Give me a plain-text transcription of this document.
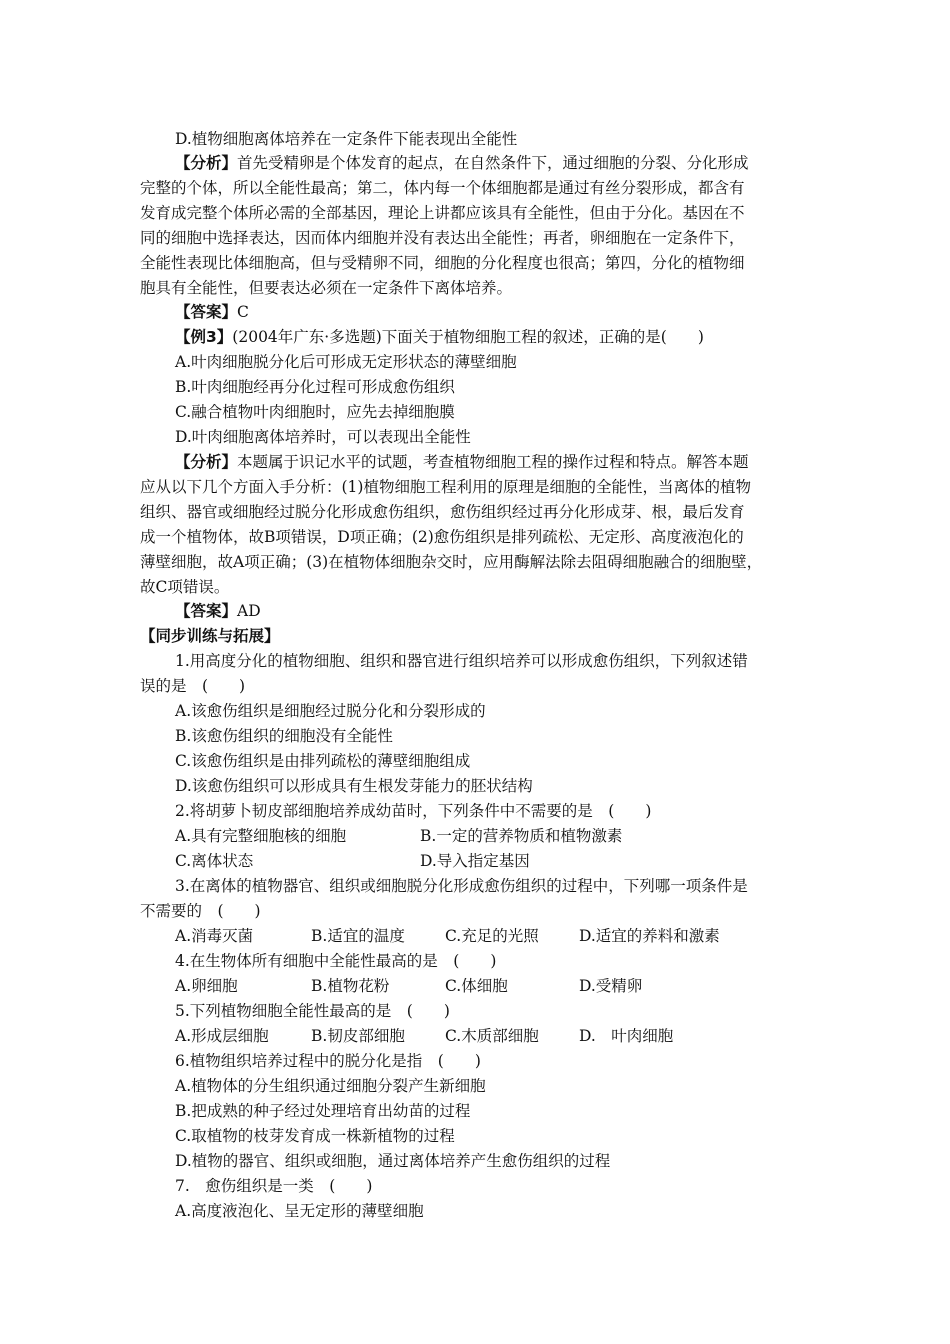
D.植物细胞离体培养在一定条件下能表现出全能性
【分析】首先受精卵是个体发育的起点，在自然条件下，通过细胞的分裂、分化形成
完整的个体，所以全能性最高；第二，体内每一个体细胞都是通过有丝分裂形成，都含有
发育成完整个体所必需的全部基因，理论上讲都应该具有全能性，但由于分化。基因在不
同的细胞中选择表达，因而体内细胞并没有表达出全能性；再者，卵细胞在一定条件下，
全能性表现比体细胞高，但与受精卵不同，细胞的分化程度也很高；第四，分化的植物细
胞具有全能性，但要表达必须在一定条件下离体培养。
【答案】C
【例3】(2004年广东·多选题)下面关于植物细胞工程的叙述，正确的是(　　)
A.叶肉细胞脱分化后可形成无定形状态的薄壁细胞
B.叶肉细胞经再分化过程可形成愈伤组织
C.融合植物叶肉细胞时，应先去掉细胞膜
D.叶肉细胞离体培养时，可以表现出全能性
【分析】本题属于识记水平的试题，考查植物细胞工程的操作过程和特点。解答本题
应从以下几个方面入手分析：(1)植物细胞工程利用的原理是细胞的全能性，当离体的植物
组织、器官或细胞经过脱分化形成愈伤组织，愈伤组织经过再分化形成芽、根，最后发育
成一个植物体，故B项错误，D项正确；(2)愈伤组织是排列疏松、无定形、高度液泡化的
薄壁细胞，故A项正确；(3)在植物体细胞杂交时，应用酶解法除去阻碍细胞融合的细胞壁，
故C项错误。
【答案】AD
【同步训练与拓展】
1.用高度分化的植物细胞、组织和器官进行组织培养可以形成愈伤组织，下列叙述错
误的是　(　　)
A.该愈伤组织是细胞经过脱分化和分裂形成的
B.该愈伤组织的细胞没有全能性
C.该愈伤组织是由排列疏松的薄壁细胞组成
D.该愈伤组织可以形成具有生根发芽能力的胚状结构
2.将胡萝卜韧皮部细胞培养成幼苗时，下列条件中不需要的是　(　　)
A.具有完整细胞核的细胞	B.一定的营养物质和植物激素
C.离体状态	D.导入指定基因
3.在离体的植物器官、组织或细胞脱分化形成愈伤组织的过程中，下列哪一项条件是
不需要的　(　　)
A.消毒灭菌	B.适宜的温度	C.充足的光照	D.适宜的养料和激素
4.在生物体所有细胞中全能性最高的是　(　　)
A.卵细胞	B.植物花粉	C.体细胞	D.受精卵
5.下列植物细胞全能性最高的是　(　　)
A.形成层细胞	B.韧皮部细胞	C.木质部细胞	D.　叶肉细胞
6.植物组织培养过程中的脱分化是指　(　　)
A.植物体的分生组织通过细胞分裂产生新细胞
B.把成熟的种子经过处理培育出幼苗的过程
C.取植物的枝芽发育成一株新植物的过程
D.植物的器官、组织或细胞，通过离体培养产生愈伤组织的过程
7.　愈伤组织是一类　(　　)
A.高度液泡化、呈无定形的薄壁细胞
